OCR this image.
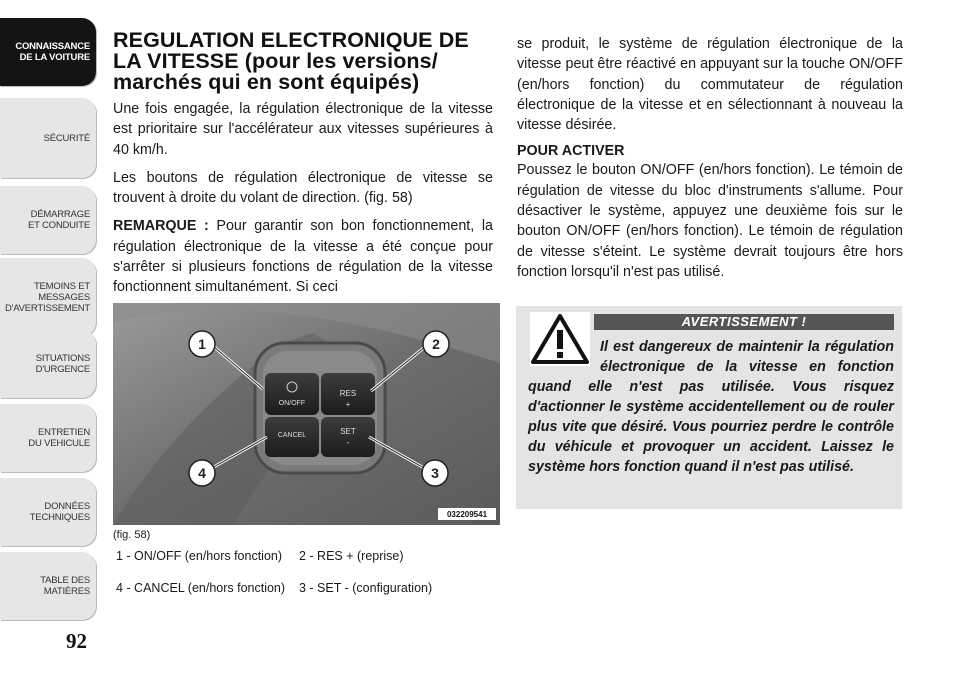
CONNAISSANCE
DE LA VOITURE
SÉCURITÉ
DÉMARRAGE
ET CONDUITE
TEMOINS ET
MESSAGES
D'AVERTISSEMENT
SITUATIONS
D'URGENCE
ENTRETIEN
DU VEHICULE
DONNÉES
TECHNIQUES
TABLE DES
MATIÈRES
92
REGULATION ELECTRONIQUE DE LA VITESSE (pour les versions/ marchés qui en sont équipés)

Une fois engagée, la régulation électronique de la vitesse est prioritaire sur l'accélérateur aux vitesses supérieures à 40 km/h.

Les boutons de régulation électronique de vitesse se trouvent à droite du volant de direction. (fig. 58)

REMARQUE : Pour garantir son bon fonctionnement, la régulation électronique de la vitesse a été conçue pour s'arrêter si plusieurs fonctions de régulation de la vitesse fonctionnent simultanément. Si ceci

ON/OFF
CANCEL
RES
+
SET
-
1	2
3
4
032209541
(fig. 58)
1 - ON/OFF (en/hors fonction)	2 - RES + (reprise)
4 - CANCEL (en/hors fonction)	3 - SET - (configuration)

se produit, le système de régulation électronique de la vitesse peut être réactivé en appuyant sur la touche ON/OFF (en/hors fonction) du commutateur de régulation électronique de la vitesse et en sélectionnant à nouveau la vitesse désirée.

POUR ACTIVER

Poussez le bouton ON/OFF (en/hors fonction). Le témoin de régulation de vitesse du bloc d'instruments s'allume. Pour désactiver le système, appuyez une deuxième fois sur le bouton ON/OFF (en/hors fonction). Le témoin de régulation de vitesse s'éteint. Le système devrait toujours être hors fonction lorsqu'il n'est pas utilisé.

AVERTISSEMENT !
Il est dangereux de maintenir la régulation électronique de la vitesse en fonction quand elle n'est pas utilisée. Vous risquez d'actionner le système accidentellement ou de rouler plus vite que désiré. Vous pourriez perdre le contrôle du véhicule et provoquer un accident. Laissez le système hors fonction quand il n'est pas utilisé.
